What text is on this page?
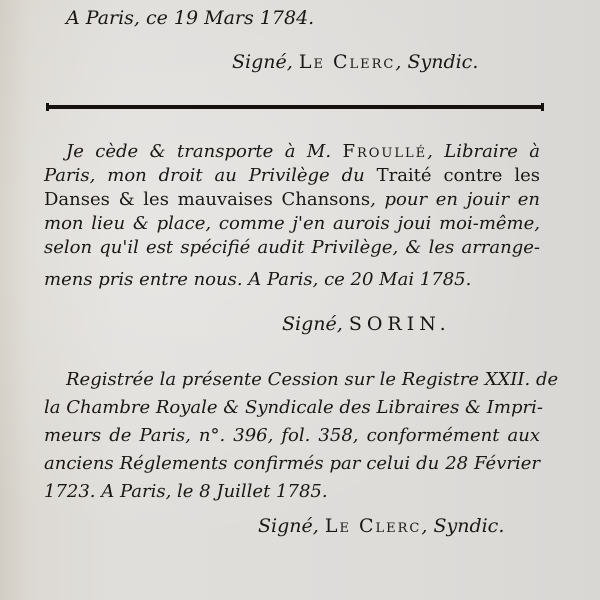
A Paris, ce 19 Mars 1784.
Signé, Le Clerc, Syndic.
Je cède & transporte à M. Froullé, Libraire à
Paris, mon droit au Privilège du Traité contre les
Danses & les mauvaises Chansons, pour en jouir en
mon lieu & place, comme j'en aurois joui moi-même,
selon qu'il est spécifié audit Privilège, & les arrange-
mens pris entre nous. A Paris, ce 20 Mai 1785.
Signé, SORIN.
Registrée la présente Cession sur le Registre XXII. de
la Chambre Royale & Syndicale des Libraires & Impri-
meurs de Paris, n°. 396, fol. 358, conformément aux
anciens Réglements confirmés par celui du 28 Février
1723. A Paris, le 8 Juillet 1785.
Signé, Le Clerc, Syndic.
